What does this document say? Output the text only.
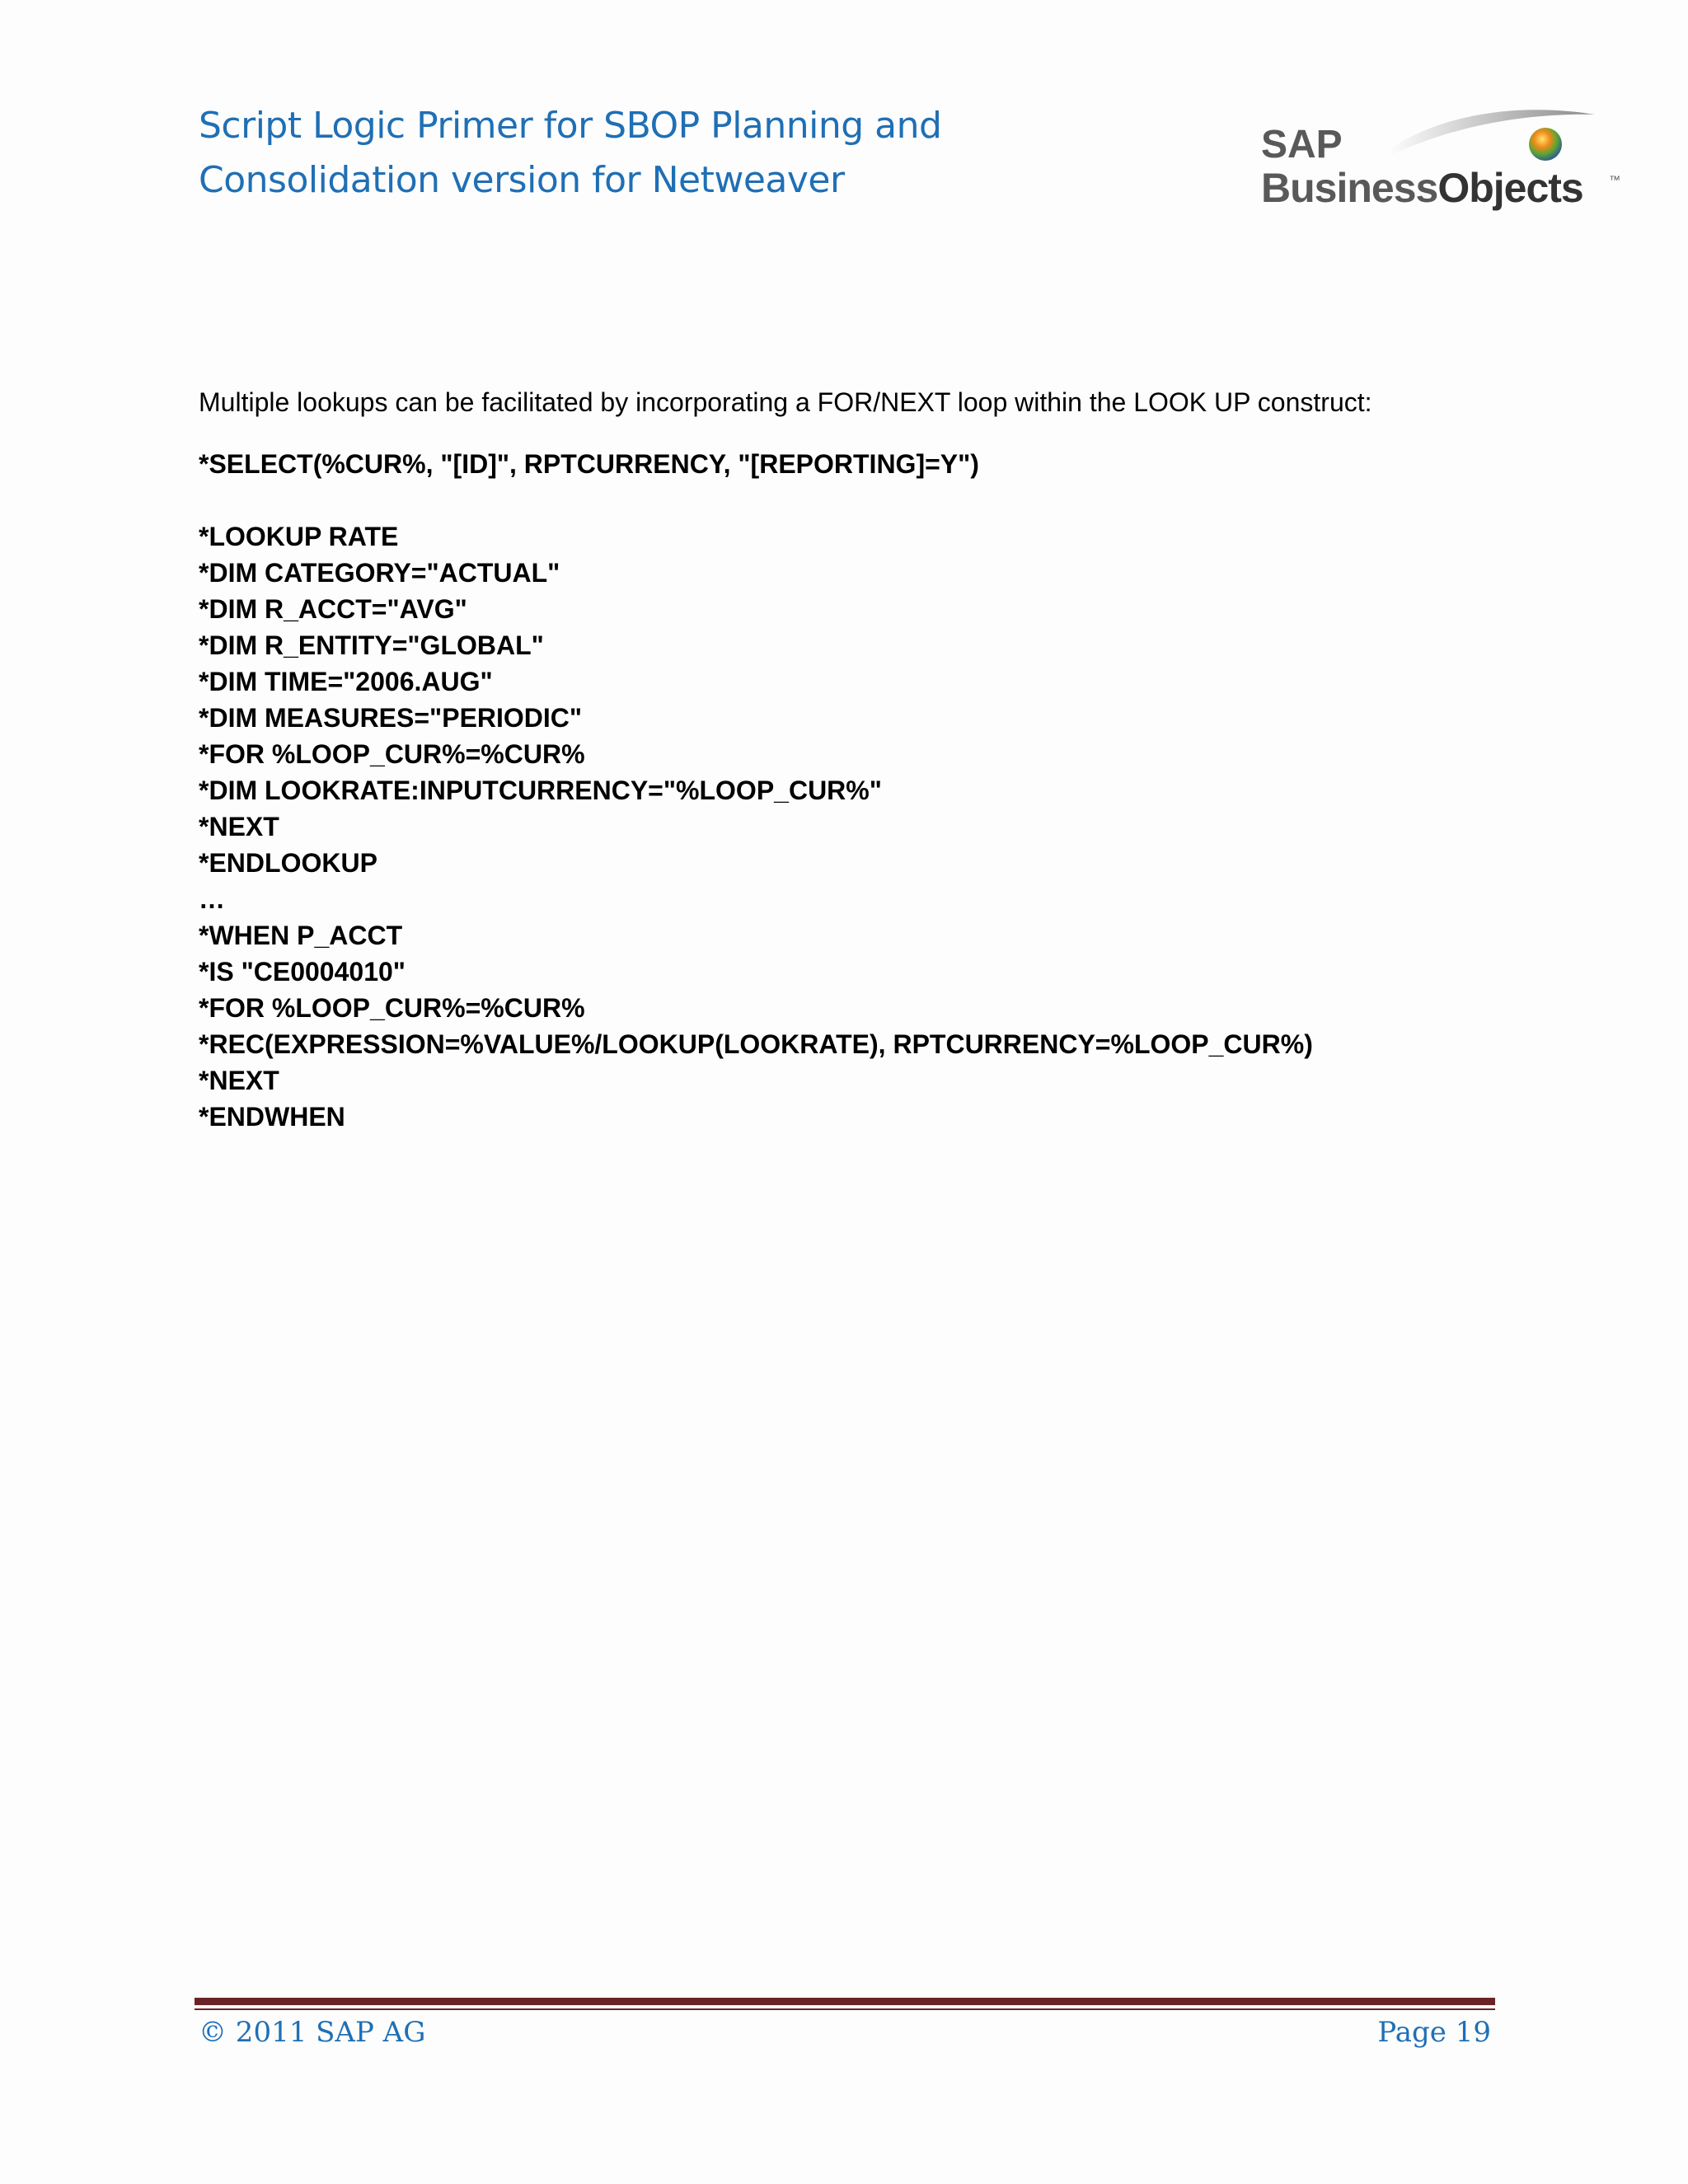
Script Logic Primer for SBOP Planning and
Consolidation version for Netweaver
SAP
BusinessObjects ™
Multiple lookups can be facilitated by incorporating a FOR/NEXT loop within the LOOK UP construct:
*SELECT(%CUR%, "[ID]", RPTCURRENCY, "[REPORTING]=Y")
*LOOKUP RATE
*DIM CATEGORY="ACTUAL"
*DIM R_ACCT="AVG"
*DIM R_ENTITY="GLOBAL"
*DIM TIME="2006.AUG"
*DIM MEASURES="PERIODIC"
*FOR %LOOP_CUR%=%CUR%
*DIM LOOKRATE:INPUTCURRENCY="%LOOP_CUR%"
*NEXT
*ENDLOOKUP
…
*WHEN P_ACCT
*IS "CE0004010"
*FOR %LOOP_CUR%=%CUR%
*REC(EXPRESSION=%VALUE%/LOOKUP(LOOKRATE), RPTCURRENCY=%LOOP_CUR%)
*NEXT
*ENDWHEN
© 2011 SAP AG	Page 19
